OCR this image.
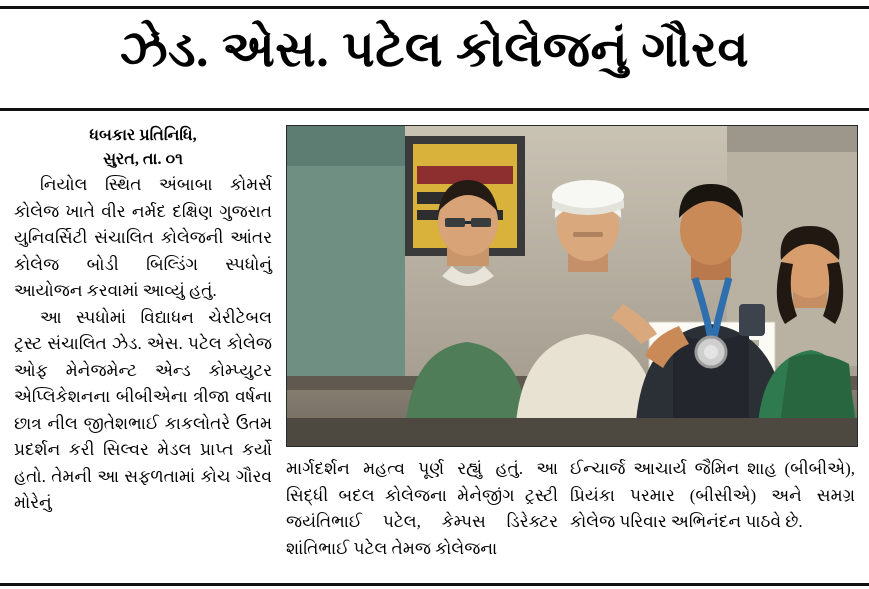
ઝેડ. એસ. પટેલ કોલેજનું ગૌરવ
ધબકાર પ્રતિનિધિ,
સુરત, તા. ૦૧

નિયોલ સ્થિત અંબાબા કોમર્સ કોલેજ ખાતે વીર નર્મદ દક્ષિણ ગુજરાત યુનિવર્સિટી સંચાલિત કોલેજની આંતર કોલેજ બોડી બિલ્ડિંગ સ્પધોનું આયોજન કરવામાં આવ્યું હતું.

આ સ્પધોમાં વિદ્યાધન ચેરીટેબલ ટ્રસ્ટ સંચાલિત ઝેડ. એસ. પટેલ કોલેજ ઓફ મેનેજમેન્ટ એન્ડ કોમ્પ્યુટર એપ્લિકેશનના બીબીએના ત્રીજા વર્ષના છાત્ર નીલ જીતેશભાઈ કાકલોતરે ઉતમ પ્રદર્શન કરી સિલ્વર મેડલ પ્રાપ્ત કર્યો હતો. તેમની આ સફળતામાં કોચ ગૌરવ મોરેનું

માર્ગદર્શન મહત્વ પૂર્ણ રહ્યું હતું. આ સિદ્ધી બદલ કોલેજના મેનેજીંગ ટ્રસ્ટી જયંતિભાઈ પટેલ, કેમ્પસ ડિરેક્ટર શાંતિભાઈ પટેલ તેમજ કોલેજના

ઈન્ચાર્જ આચાર્ય જૈમિન શાહ (બીબીએ), પ્રિયંકા પરમાર (બીસીએ) અને સમગ્ર કોલેજ પરિવાર અભિનંદન પાઠવે છે.
